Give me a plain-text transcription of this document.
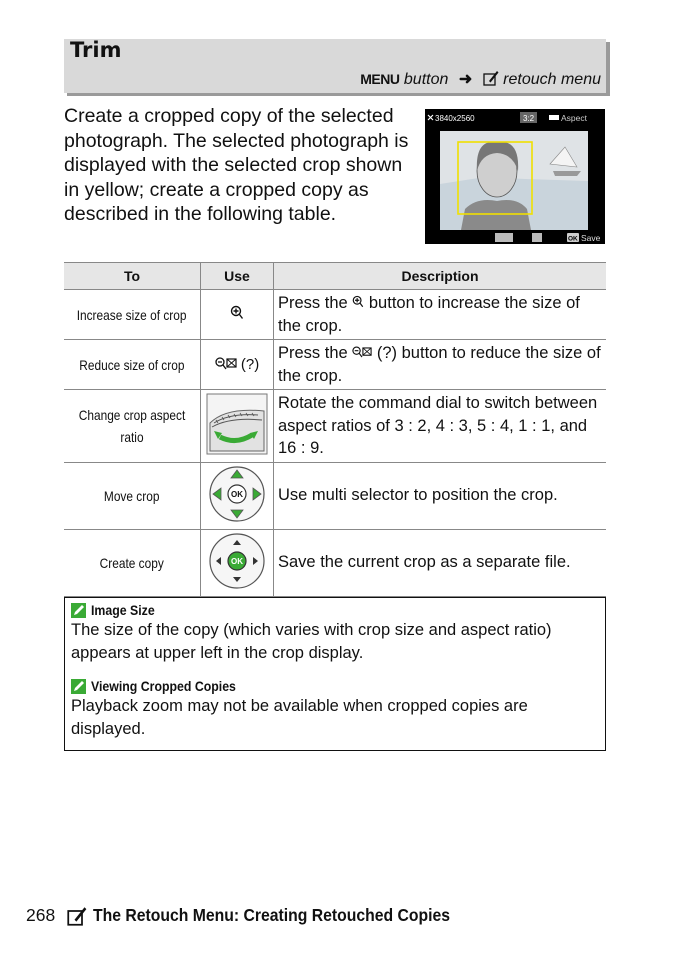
Trim
MENU button ➜ retouch menu
Create a cropped copy of the selected photograph. The selected photograph is displayed with the selected crop shown in yellow; create a cropped copy as described in the following table.
3840x2560	3:2	Aspect
OK Save
To	Use	Description
Increase size of crop		Press the  button to increase the size of the crop.
Reduce size of crop	(?)	Press the  (?) button to reduce the size of the crop.
Change crop aspect ratio		Rotate the command dial to switch between aspect ratios of 3 : 2, 4 : 3, 5 : 4, 1 : 1, and 16 : 9.
Move crop	OK	Use multi selector to position the crop.
Create copy	OK	Save the current crop as a separate file.
Image Size
The size of the copy (which varies with crop size and aspect ratio) appears at upper left in the crop display.
Viewing Cropped Copies
Playback zoom may not be available when cropped copies are displayed.
268 The Retouch Menu: Creating Retouched Copies
